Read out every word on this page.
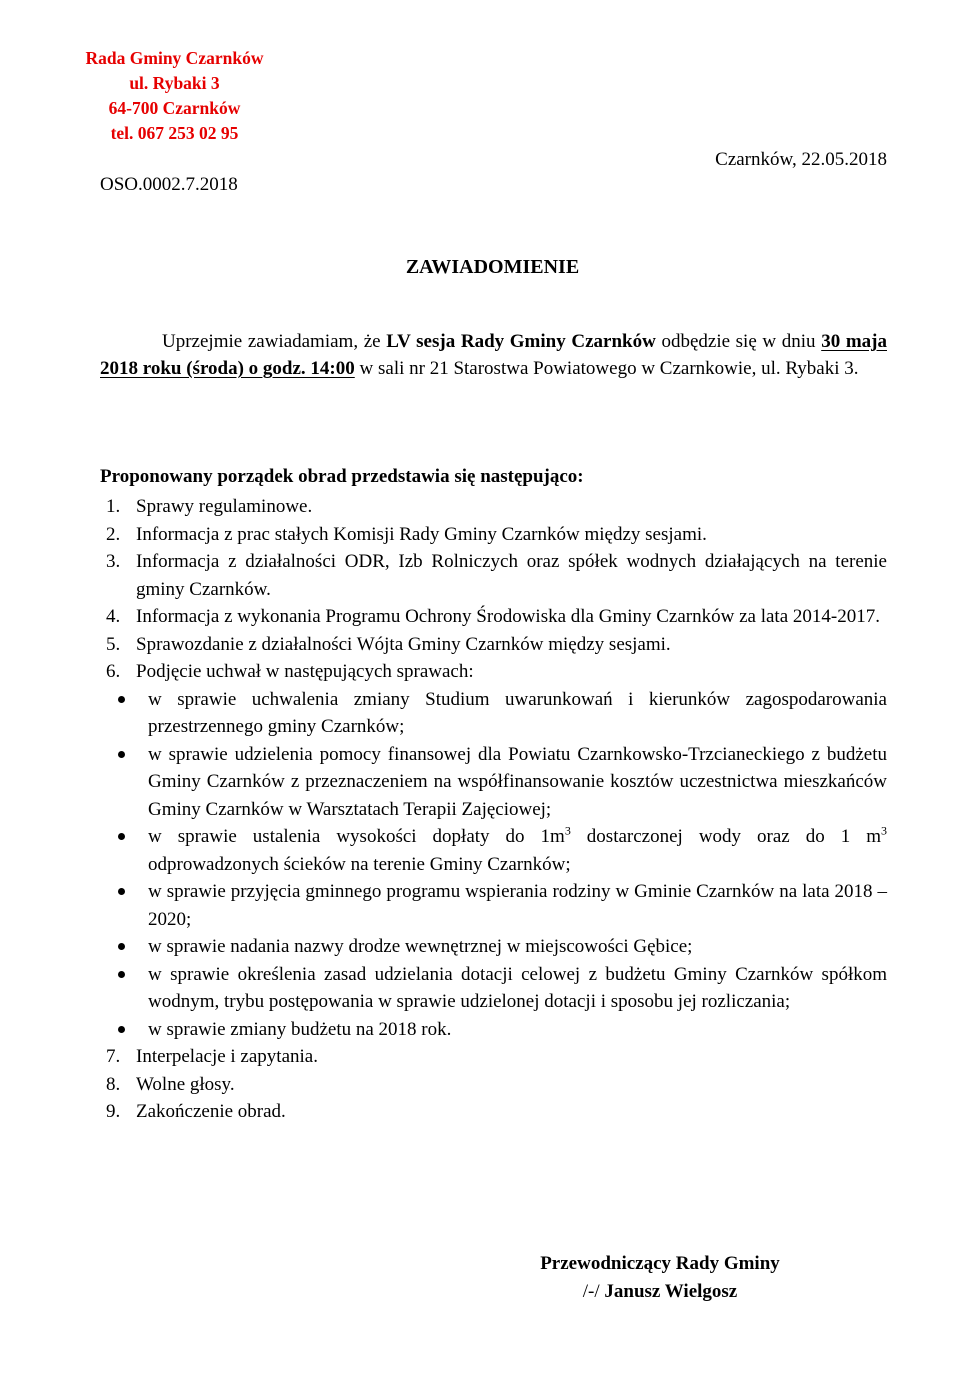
Rada Gminy Czarnków
ul. Rybaki 3
64-700 Czarnków
tel. 067 253 02 95
Czarnków, 22.05.2018
OSO.0002.7.2018
ZAWIADOMIENIE
Uprzejmie zawiadamiam, że LV sesja Rady Gminy Czarnków odbędzie się w dniu 30 maja 2018 roku (środa) o godz. 14:00 w sali nr 21 Starostwa Powiatowego w Czarnkowie, ul. Rybaki 3.
Proponowany porządek obrad przedstawia się następująco:
1. Sprawy regulaminowe.
2. Informacja z prac stałych Komisji Rady Gminy Czarnków między sesjami.
3. Informacja z działalności ODR, Izb Rolniczych oraz spółek wodnych działających na terenie gminy Czarnków.
4. Informacja z wykonania Programu Ochrony Środowiska dla Gminy Czarnków za lata 2014-2017.
5. Sprawozdanie z działalności Wójta Gminy Czarnków między sesjami.
6. Podjęcie uchwał w następujących sprawach:
w sprawie uchwalenia zmiany Studium uwarunkowań i kierunków zagospodarowania przestrzennego gminy Czarnków;
w sprawie udzielenia pomocy finansowej dla Powiatu Czarnkowsko-Trzcianeckiego z budżetu Gminy Czarnków z przeznaczeniem na współfinansowanie kosztów uczestnictwa mieszkańców Gminy Czarnków w Warsztatach Terapii Zajęciowej;
w sprawie ustalenia wysokości dopłaty do $1m^3$ dostarczonej wody oraz do 1 $m^3$ odprowadzonych ścieków na terenie Gminy Czarnków;
w sprawie przyjęcia gminnego programu wspierania rodziny w Gminie Czarnków na lata 2018 – 2020;
w sprawie nadania nazwy drodze wewnętrznej w miejscowości Gębice;
w sprawie określenia zasad udzielania dotacji celowej z budżetu Gminy Czarnków spółkom wodnym, trybu postępowania w sprawie udzielonej dotacji i sposobu jej rozliczania;
w sprawie zmiany budżetu na 2018 rok.
7. Interpelacje i zapytania.
8. Wolne głosy.
9. Zakończenie obrad.
Przewodniczący Rady Gminy
/-/ Janusz Wielgosz
